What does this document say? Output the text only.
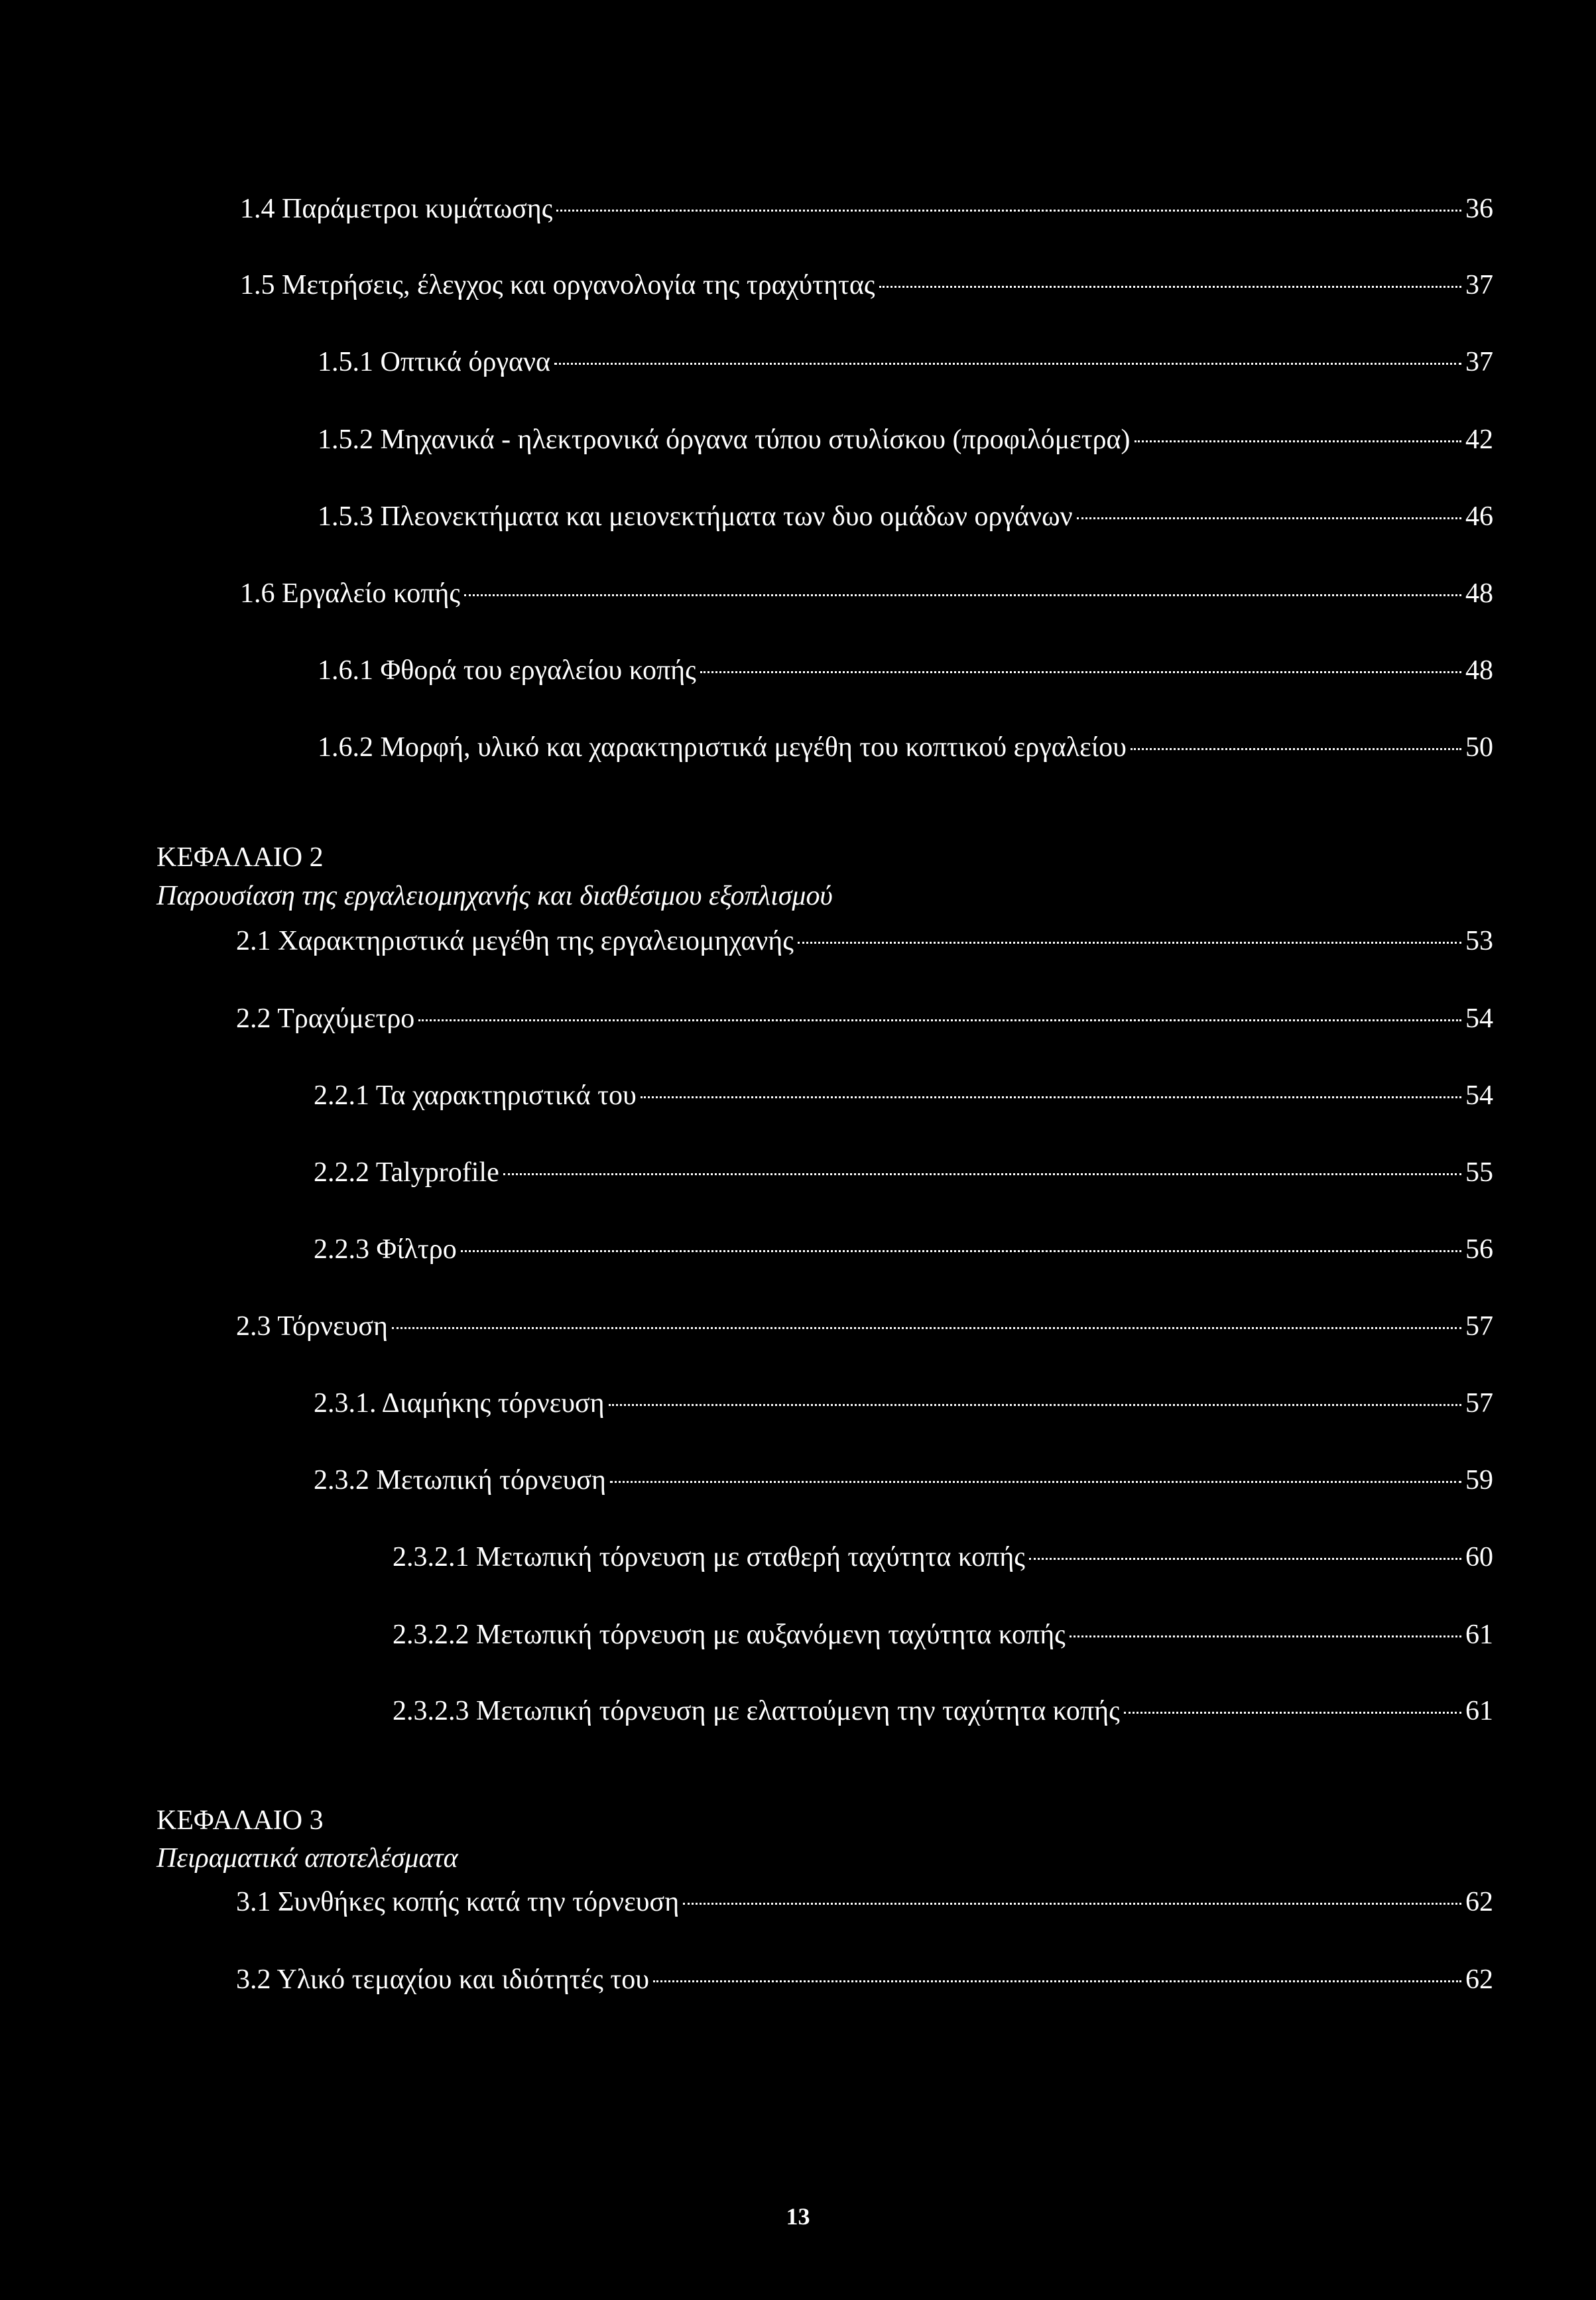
1.4 Παράμετροι κυμάτωσης	36
1.5 Μετρήσεις, έλεγχος και οργανολογία της τραχύτητας	37
1.5.1 Οπτικά όργανα	37
1.5.2 Μηχανικά - ηλεκτρονικά όργανα τύπου στυλίσκου (προφιλόμετρα)	42
1.5.3 Πλεονεκτήματα και μειονεκτήματα των δυο ομάδων οργάνων	46
1.6 Εργαλείο κοπής	48
1.6.1 Φθορά του εργαλείου κοπής	48
1.6.2 Μορφή, υλικό και χαρακτηριστικά μεγέθη του κοπτικού εργαλείου	50
ΚΕΦΑΛΑΙΟ 2
Παρουσίαση της εργαλειομηχανής και διαθέσιμου εξοπλισμού
2.1 Χαρακτηριστικά μεγέθη της εργαλειομηχανής	53
2.2 Τραχύμετρο	54
2.2.1 Τα χαρακτηριστικά του	54
2.2.2 Talyprofile	55
2.2.3 Φίλτρο	56
2.3 Τόρνευση	57
2.3.1. Διαμήκης τόρνευση	57
2.3.2 Μετωπική τόρνευση	59
2.3.2.1 Μετωπική τόρνευση με σταθερή ταχύτητα κοπής	60
2.3.2.2 Μετωπική τόρνευση με αυξανόμενη ταχύτητα κοπής	61
2.3.2.3 Μετωπική τόρνευση με ελαττούμενη την ταχύτητα κοπής	61
ΚΕΦΑΛΑΙΟ 3
Πειραματικά αποτελέσματα
3.1 Συνθήκες κοπής κατά την τόρνευση	62
3.2 Υλικό τεμαχίου και ιδιότητές του	62
13
